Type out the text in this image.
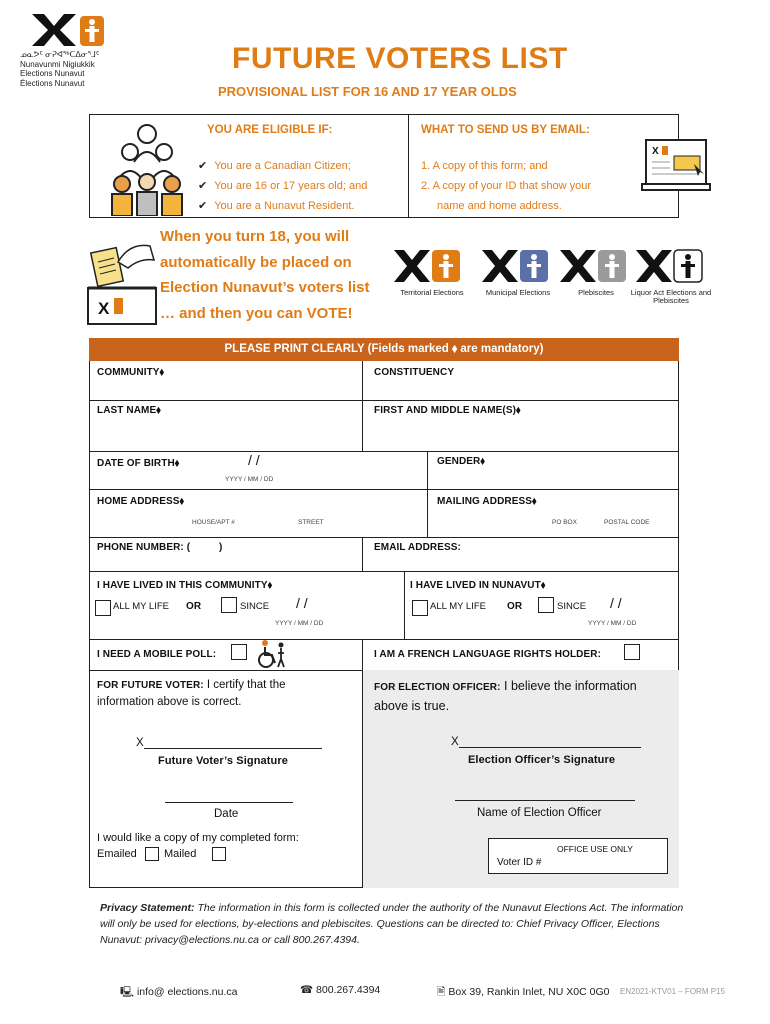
ᓄᓇᕗᑦ ᓂᕈᐊᖅᑕᐃᓂᕐᒧᑦ
Nunavunmi Nigiukkik
Elections Nunavut
Élections Nunavut
FUTURE VOTERS LIST
PROVISIONAL LIST FOR 16 AND 17 YEAR OLDS
YOU ARE ELIGIBLE IF:
✔ You are a Canadian Citizen;
✔ You are 16 or 17 years old; and
✔ You are a Nunavut Resident.
WHAT TO SEND US BY EMAIL:
1. A copy of this form; and
2. A copy of your ID that show your
name and home address.
X
X
When you turn 18, you will
automatically be placed on
Election Nunavut’s voters list
… and then you can VOTE!
Territorial Elections	Municipal Elections	Plebiscites	Liquor Act Elections and Plebiscites
PLEASE PRINT CLEARLY (Fields marked ⬧ are mandatory)
COMMUNITY⬧	CONSTITUENCY
LAST NAME⬧	FIRST AND MIDDLE NAME(S)⬧
DATE OF BIRTH⬧	/ /
YYYY / MM / DD
GENDER⬧
HOME ADDRESS⬧
HOUSE/APT #	STREET
MAILING ADDRESS⬧
PO BOX	POSTAL CODE
PHONE NUMBER: (          )	EMAIL ADDRESS:
I HAVE LIVED IN THIS COMMUNITY⬧
ALL MY LIFE OR	SINCE / /
YYYY / MM / DD
I HAVE LIVED IN NUNAVUT⬧
ALL MY LIFE OR	SINCE / /
YYYY / MM / DD
I NEED A MOBILE POLL:	I AM A FRENCH LANGUAGE RIGHTS HOLDER:
FOR FUTURE VOTER: I certify that the information above is correct.
X
Future Voter’s Signature
Date
I would like a copy of my completed form:
Emailed Mailed
FOR ELECTION OFFICER: I believe the information above is true.
X
Election Officer’s Signature
Name of Election Officer
OFFICE USE ONLY
Voter ID #
Privacy Statement: The information in this form is collected under the authority of the Nunavut Elections Act. The information will only be used for elections, by-elections and plebiscites. Questions can be directed to: Chief Privacy Officer, Elections Nunavut: privacy@elections.nu.ca or call 800.267.4394.
🖳 info@ elections.nu.ca	☎ 800.267.4394	🖹 Box 39, Rankin Inlet, NU X0C 0G0 EN2021-KTV01 – FORM P15
